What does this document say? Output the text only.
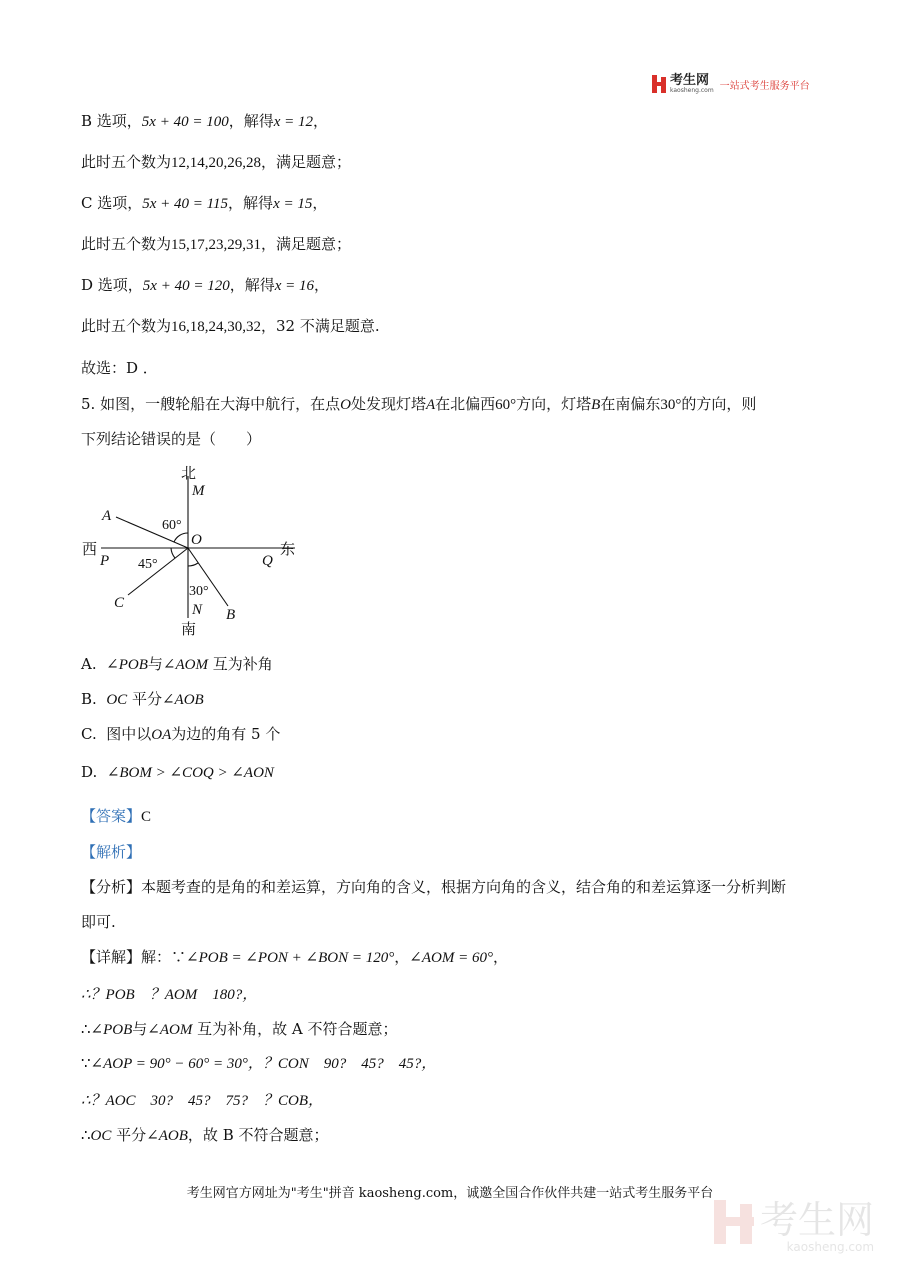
考生网
kaosheng.com 一站式考生服务平台
B 选项，5x + 40 = 100，解得x = 12，
此时五个数为12,14,20,26,28，满足题意；
C 选项，5x + 40 = 115，解得x = 15，
此时五个数为15,17,23,29,31，满足题意；
D 选项，5x + 40 = 120，解得x = 16，
此时五个数为16,18,24,30,32，32 不满足题意.
故选：D ．
5. 如图，一艘轮船在大海中航行，在点O处发现灯塔A在北偏西60°方向，灯塔B在南偏东30°的方向，则
下列结论错误的是（　　）
北
M
A
60°
O
西
P 45°	Q
东
30°
C	N B
南
A. ∠POB与∠AOM 互为补角
B. OC 平分∠AOB
C. 图中以OA为边的角有 5 个
D. ∠BOM > ∠COQ > ∠AON
【答案】C
【解析】
【分析】本题考查的是角的和差运算，方向角的含义，根据方向角的含义，结合角的和差运算逐一分析判断
即可.
【详解】解：∵∠POB = ∠PON + ∠BON = 120°，∠AOM = 60°，
∴？POB　？AOM　180?，
∴∠POB与∠AOM 互为补角，故 A 不符合题意；
∵∠AOP = 90° − 60° = 30°，？CON　90?　45?　45?，
∴？AOC　30?　45?　75?　？COB，
∴OC 平分∠AOB，故 B 不符合题意；
考生网官方网址为"考生"拼音 kaosheng.com，诚邀全国合作伙伴共建一站式考生服务平台
考生网
kaosheng.com
